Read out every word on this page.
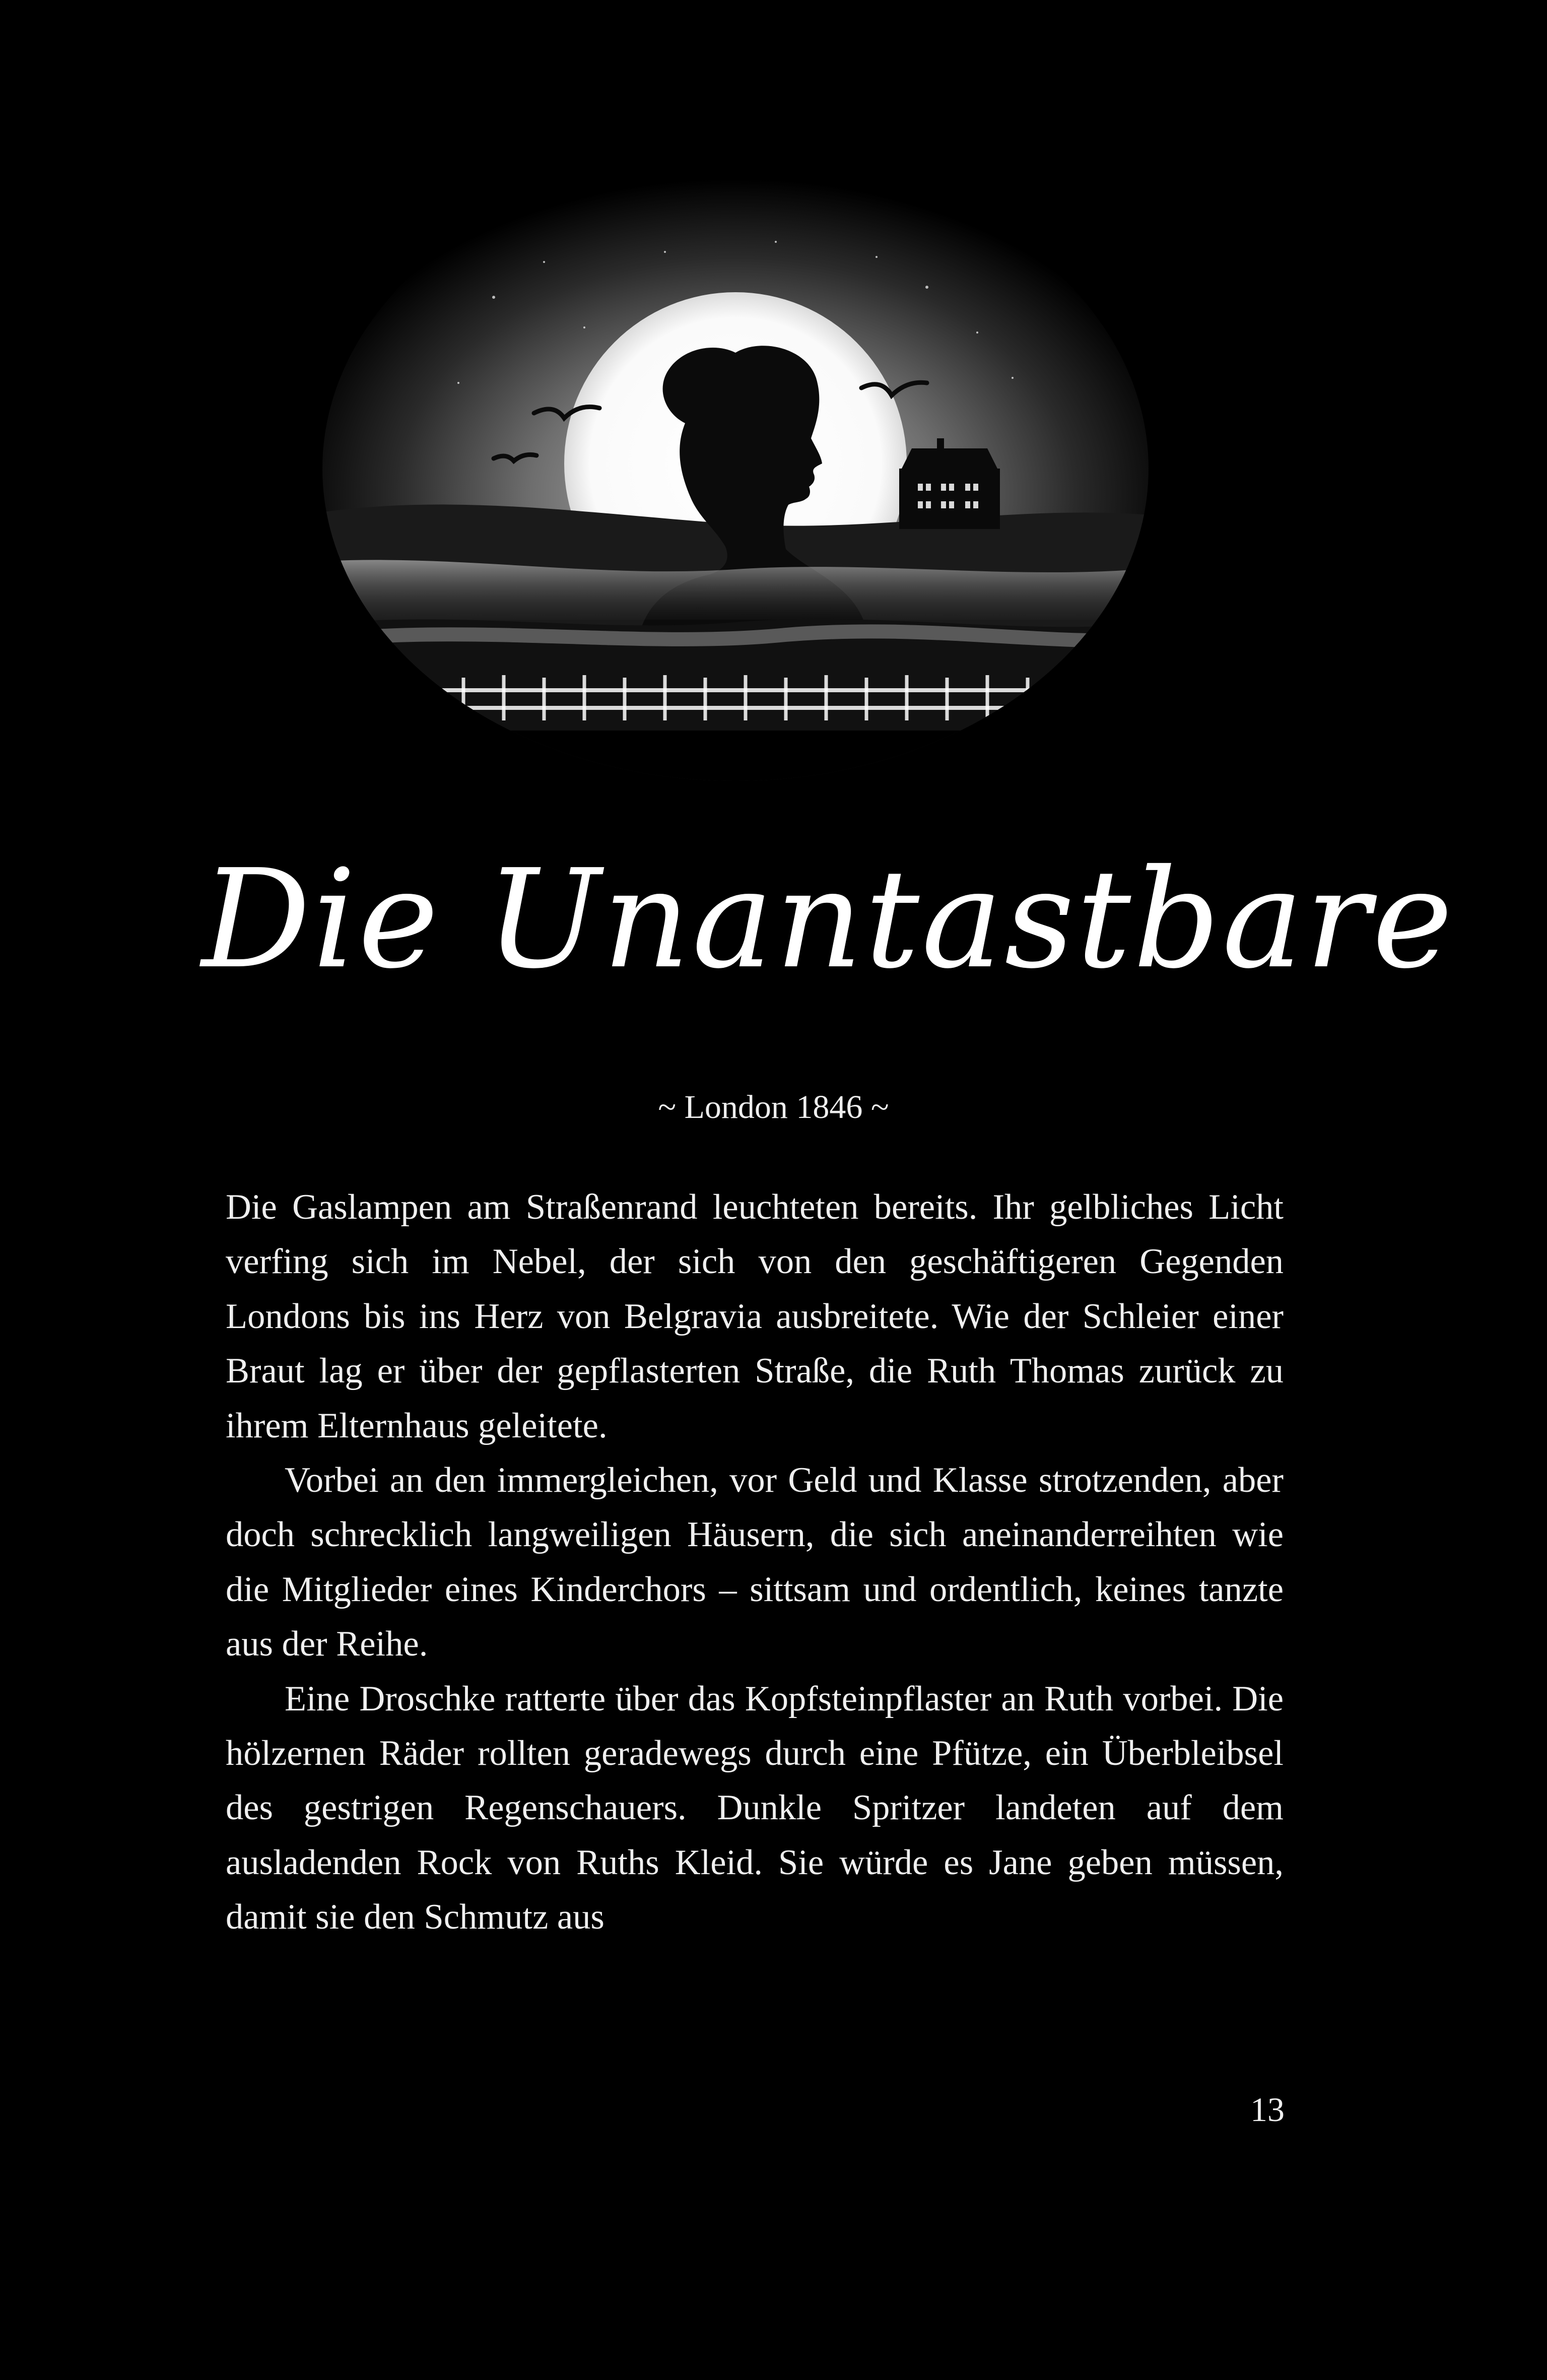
Die Unantastbare
~ London 1846 ~

Die Gaslampen am Straßenrand leuchteten bereits. Ihr gelbliches Licht verfing sich im Nebel, der sich von den geschäftigeren Gegenden Londons bis ins Herz von Belgravia ausbreitete. Wie der Schleier einer Braut lag er über der gepflasterten Straße, die Ruth Thomas zurück zu ihrem Elternhaus geleitete.

Vorbei an den immergleichen, vor Geld und Klasse strotzenden, aber doch schrecklich langweiligen Häusern, die sich aneinanderreihten wie die Mitglieder eines Kinderchors – sittsam und ordentlich, keines tanzte aus der Reihe.

Eine Droschke ratterte über das Kopfsteinpflaster an Ruth vorbei. Die hölzernen Räder rollten geradewegs durch eine Pfütze, ein Überbleibsel des gestrigen Regenschauers. Dunkle Spritzer landeten auf dem ausladenden Rock von Ruths Kleid. Sie würde es Jane geben müssen, damit sie den Schmutz aus

13
